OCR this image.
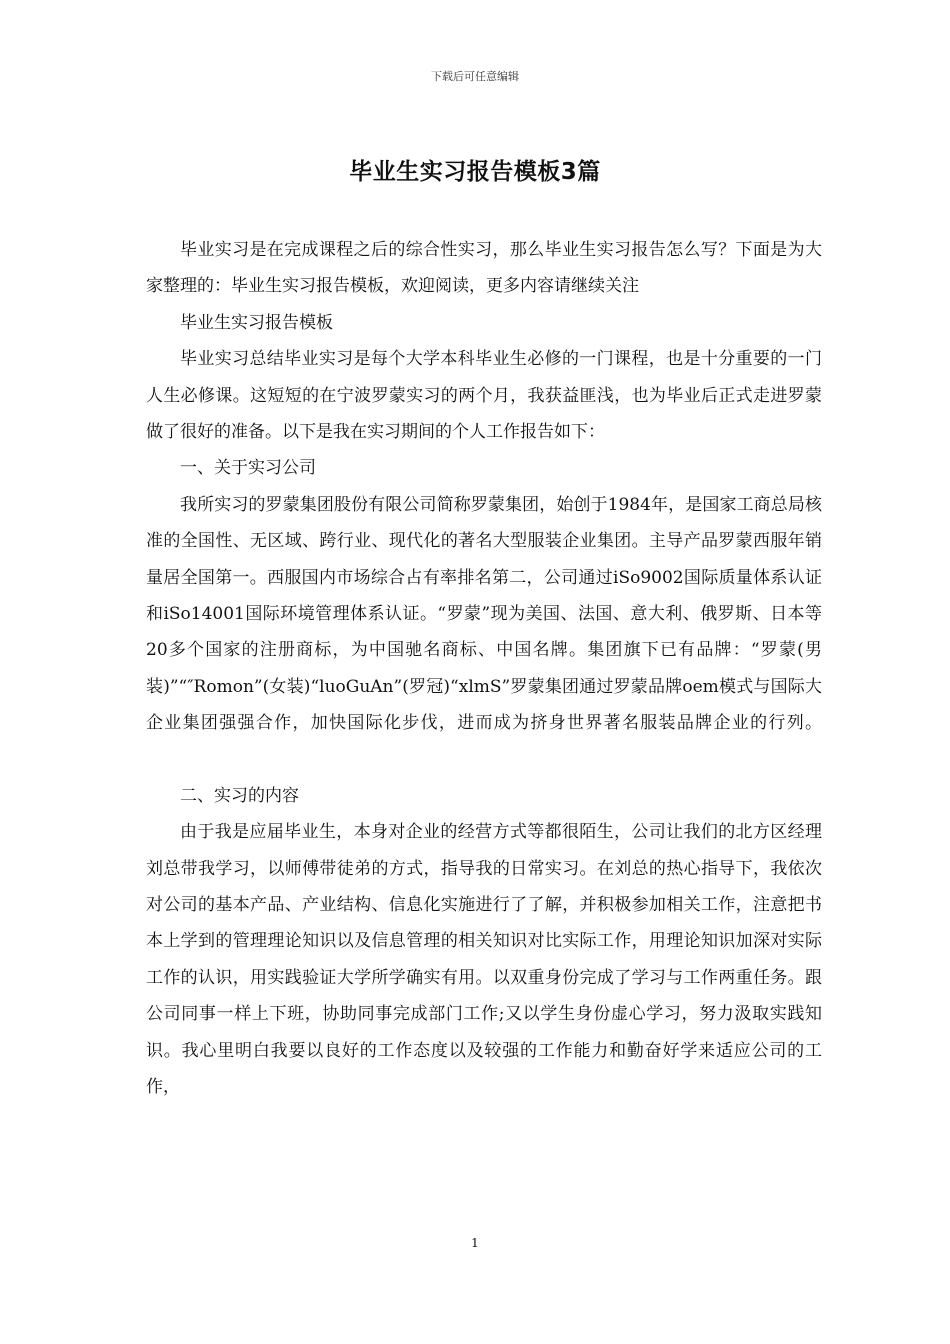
下载后可任意编辑
毕业生实习报告模板3篇

毕业实习是在完成课程之后的综合性实习，那么毕业生实习报告怎么写？下面是为大家整理的：毕业生实习报告模板，欢迎阅读，更多内容请继续关注

毕业生实习报告模板

毕业实习总结毕业实习是每个大学本科毕业生必修的一门课程，也是十分重要的一门人生必修课。这短短的在宁波罗蒙实习的两个月，我获益匪浅，也为毕业后正式走进罗蒙做了很好的准备。以下是我在实习期间的个人工作报告如下：

一、关于实习公司

我所实习的罗蒙集团股份有限公司简称罗蒙集团，始创于1984年，是国家工商总局核准的全国性、无区域、跨行业、现代化的著名大型服装企业集团。主导产品罗蒙西服年销量居全国第一。西服国内市场综合占有率排名第二，公司通过iSo9002国际质量体系认证和iSo14001国际环境管理体系认证。“罗蒙”现为美国、法国、意大利、俄罗斯、日本等20多个国家的注册商标，为中国驰名商标、中国名牌。集团旗下已有品牌：“罗蒙(男装)”“″Romon”(女装)“luoGuAn”(罗冠)“xlmS”罗蒙集团通过罗蒙品牌oem模式与国际大企业集团强强合作，加快国际化步伐，进而成为挤身世界著名服装品牌企业的行列。

二、实习的内容

由于我是应届毕业生，本身对企业的经营方式等都很陌生，公司让我们的北方区经理刘总带我学习，以师傅带徒弟的方式，指导我的日常实习。在刘总的热心指导下，我依次对公司的基本产品、产业结构、信息化实施进行了了解，并积极参加相关工作，注意把书本上学到的管理理论知识以及信息管理的相关知识对比实际工作，用理论知识加深对实际工作的认识，用实践验证大学所学确实有用。以双重身份完成了学习与工作两重任务。跟公司同事一样上下班，协助同事完成部门工作;又以学生身份虚心学习，努力汲取实践知识。我心里明白我要以良好的工作态度以及较强的工作能力和勤奋好学来适应公司的工作，

1
